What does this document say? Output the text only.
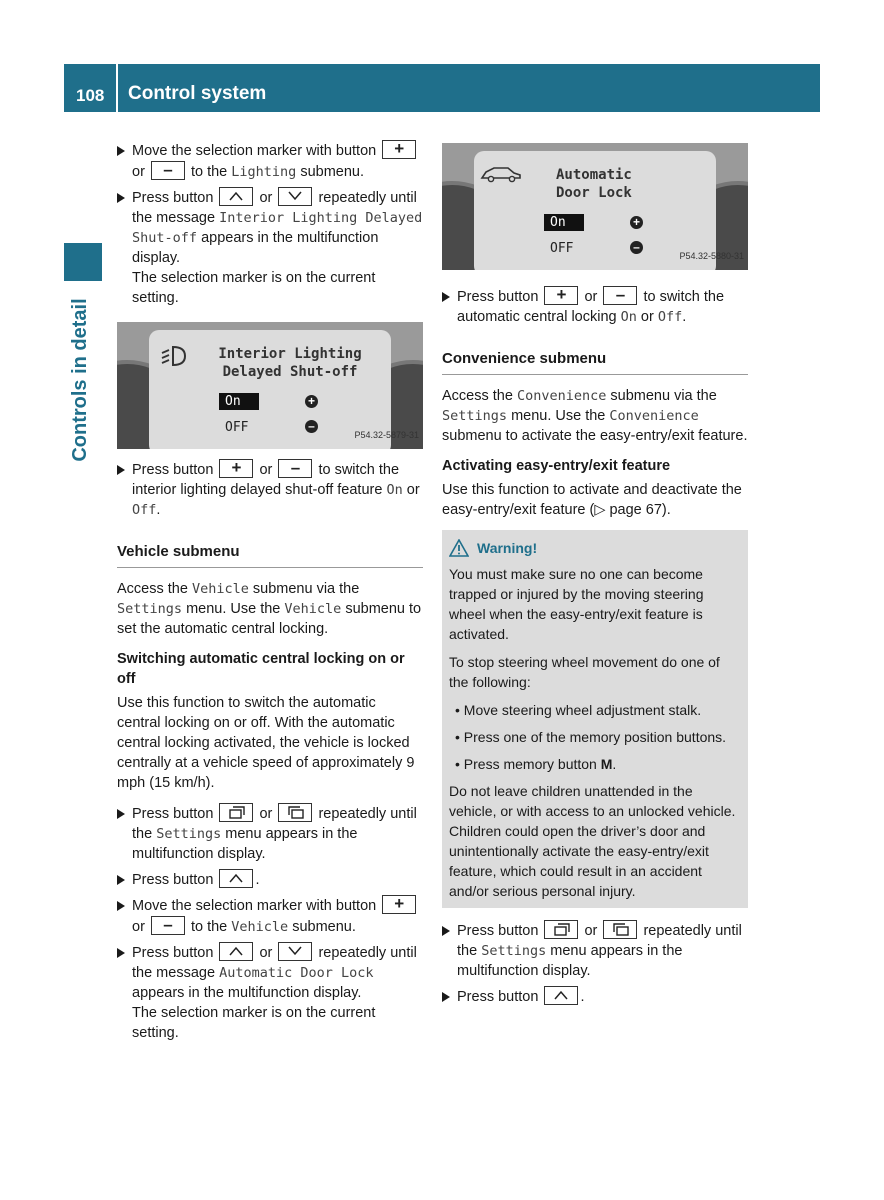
108 Control system
Controls in detail
Move the selection marker with button	+
or	–	to the Lighting submenu.
Press button	or	repeatedly until the message Interior Lighting Delayed Shut-off appears in the multifunction display.
The selection marker is on the current setting.
Interior Lighting
Delayed Shut-off
On
OFF
+
–
P54.32-5879-31
Press button	+	or	–	to switch the interior lighting delayed shut-off feature On or Off.
Vehicle submenu
Access the Vehicle submenu via the Settings menu. Use the Vehicle submenu to set the automatic central locking.
Switching automatic central locking on or off
Use this function to switch the automatic central locking on or off. With the automatic central locking activated, the vehicle is locked centrally at a vehicle speed of approximately 9 mph (15 km/h).
Press button	or	repeatedly until the Settings menu appears in the multifunction display.
Press button	.
Move the selection marker with button	+
or	–	to the Vehicle submenu.
Press button	or	repeatedly until the message Automatic Door Lock appears in the multifunction display.
The selection marker is on the current setting.
Automatic
Door Lock
On
OFF
+
–
P54.32-5880-31
Press button	+	or	–	to switch the automatic central locking On or Off.
Convenience submenu
Access the Convenience submenu via the Settings menu. Use the Convenience submenu to activate the easy-entry/exit feature.
Activating easy-entry/exit feature
Use this function to activate and deactivate the easy-entry/exit feature (▷ page 67).
Warning!

You must make sure no one can become trapped or injured by the moving steering wheel when the easy-entry/exit feature is activated.

To stop steering wheel movement do one of the following:

• Move steering wheel adjustment stalk.
• Press one of the memory position buttons.
• Press memory button M.

Do not leave children unattended in the vehicle, or with access to an unlocked vehicle. Children could open the driver’s door and unintentionally activate the easy-entry/exit feature, which could result in an accident and/or serious personal injury.

Press button	or	repeatedly until the Settings menu appears in the multifunction display.
Press button	.
